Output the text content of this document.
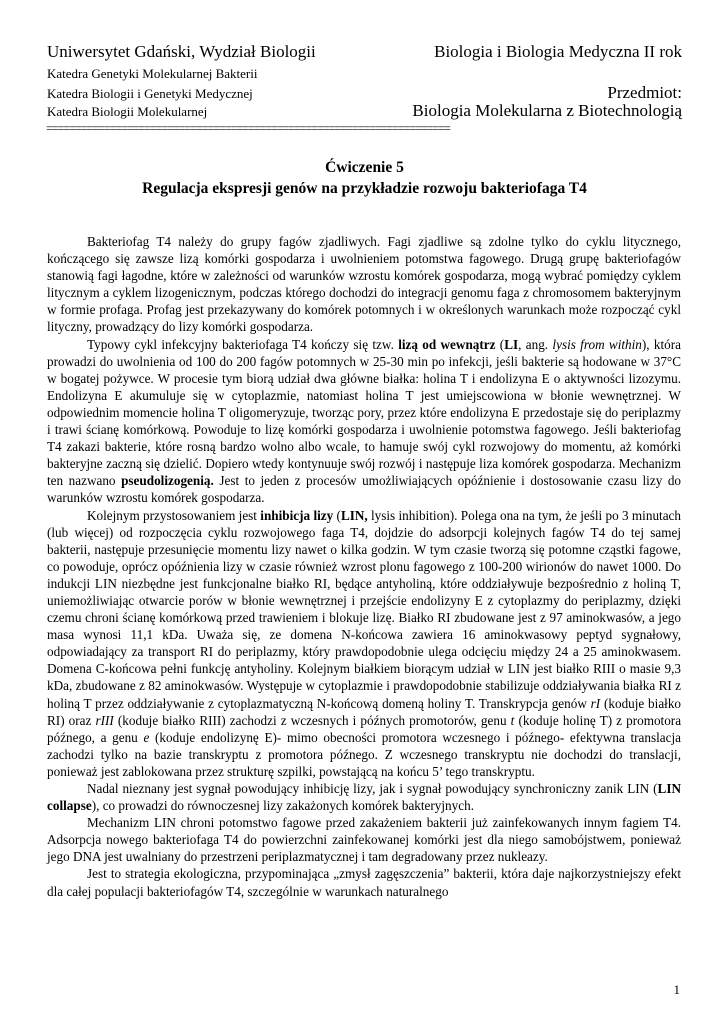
Uniwersytet Gdański, Wydział Biologii	Biologia i Biologia Medyczna II rok
Katedra Genetyki Molekularnej Bakterii
Katedra Biologii i Genetyki Medycznej	Przedmiot:
Katedra Biologii Molekularnej	Biologia Molekularna z Biotechnologią
======================================================================
Ćwiczenie 5
Regulacja ekspresji genów na przykładzie rozwoju bakteriofaga T4

Bakteriofag T4 należy do grupy fagów zjadliwych. Fagi zjadliwe są zdolne tylko do cyklu litycznego, kończącego się zawsze lizą komórki gospodarza i uwolnieniem potomstwa fagowego. Drugą grupę bakteriofagów stanowią fagi łagodne, które w zależności od warunków wzrostu komórek gospodarza, mogą wybrać pomiędzy cyklem litycznym a cyklem lizogenicznym, podczas którego dochodzi do integracji genomu faga z chromosomem bakteryjnym w formie profaga. Profag jest przekazywany do komórek potomnych i w określonych warunkach może rozpocząć cykl lityczny, prowadzący do lizy komórki gospodarza.

Typowy cykl infekcyjny bakteriofaga T4 kończy się tzw. lizą od wewnątrz (LI, ang. lysis from within), która prowadzi do uwolnienia od 100 do 200 fagów potomnych w 25-30 min po infekcji, jeśli bakterie są hodowane w 37°C w bogatej pożywce. W procesie tym biorą udział dwa główne białka: holina T i endolizyna E o aktywności lizozymu. Endolizyna E akumuluje się w cytoplazmie, natomiast holina T jest umiejscowiona w błonie wewnętrznej. W odpowiednim momencie holina T oligomeryzuje, tworząc pory, przez które endolizyna E przedostaje się do periplazmy i trawi ścianę komórkową. Powoduje to lizę komórki gospodarza i uwolnienie potomstwa fagowego. Jeśli bakteriofag T4 zakazi bakterie, które rosną bardzo wolno albo wcale, to hamuje swój cykl rozwojowy do momentu, aż komórki bakteryjne zaczną się dzielić. Dopiero wtedy kontynuuje swój rozwój i następuje liza komórek gospodarza. Mechanizm ten nazwano pseudolizogenią. Jest to jeden z procesów umożliwiających opóźnienie i dostosowanie czasu lizy do warunków wzrostu komórek gospodarza.

Kolejnym przystosowaniem jest inhibicja lizy (LIN, lysis inhibition). Polega ona na tym, że jeśli po 3 minutach (lub więcej) od rozpoczęcia cyklu rozwojowego faga T4, dojdzie do adsorpcji kolejnych fagów T4 do tej samej bakterii, następuje przesunięcie momentu lizy nawet o kilka godzin. W tym czasie tworzą się potomne cząstki fagowe, co powoduje, oprócz opóźnienia lizy w czasie również wzrost plonu fagowego z 100-200 wirionów do nawet 1000. Do indukcji LIN niezbędne jest funkcjonalne białko RI, będące antyholiną, które oddziaływuje bezpośrednio z holiną T, uniemożliwiając otwarcie porów w błonie wewnętrznej i przejście endolizyny E z cytoplazmy do periplazmy, dzięki czemu chroni ścianę komórkową przed trawieniem i blokuje lizę. Białko RI zbudowane jest z 97 aminokwasów, a jego masa wynosi 11,1 kDa. Uważa się, ze domena N-końcowa zawiera 16 aminokwasowy peptyd sygnałowy, odpowiadający za transport RI do periplazmy, który prawdopodobnie ulega odcięciu między 24 a 25 aminokwasem. Domena C-końcowa pełni funkcję antyholiny. Kolejnym białkiem biorącym udział w LIN jest białko RIII o masie 9,3 kDa, zbudowane z 82 aminokwasów. Występuje w cytoplazmie i prawdopodobnie stabilizuje oddziaływania białka RI z holiną T przez oddziaływanie z cytoplazmatyczną N-końcową domeną holiny T. Transkrypcja genów rI (koduje białko RI) oraz rIII (koduje białko RIII) zachodzi z wczesnych i późnych promotorów, genu t (koduje holinę T) z promotora późnego, a genu e (koduje endolizynę E)- mimo obecności promotora wczesnego i późnego- efektywna translacja zachodzi tylko na bazie transkryptu z promotora późnego. Z wczesnego transkryptu nie dochodzi do translacji, ponieważ jest zablokowana przez strukturę szpilki, powstającą na końcu 5’ tego transkryptu.

Nadal nieznany jest sygnał powodujący inhibicję lizy, jak i sygnał powodujący synchroniczny zanik LIN (LIN collapse), co prowadzi do równoczesnej lizy zakażonych komórek bakteryjnych.

Mechanizm LIN chroni potomstwo fagowe przed zakażeniem bakterii już zainfekowanych innym fagiem T4. Adsorpcja nowego bakteriofaga T4 do powierzchni zainfekowanej komórki jest dla niego samobójstwem, ponieważ jego DNA jest uwalniany do przestrzeni periplazmatycznej i tam degradowany przez nukleazy.

Jest to strategia ekologiczna, przypominająca „zmysł zagęszczenia” bakterii, która daje najkorzystniejszy efekt dla całej populacji bakteriofagów T4, szczególnie w warunkach naturalnego

1
